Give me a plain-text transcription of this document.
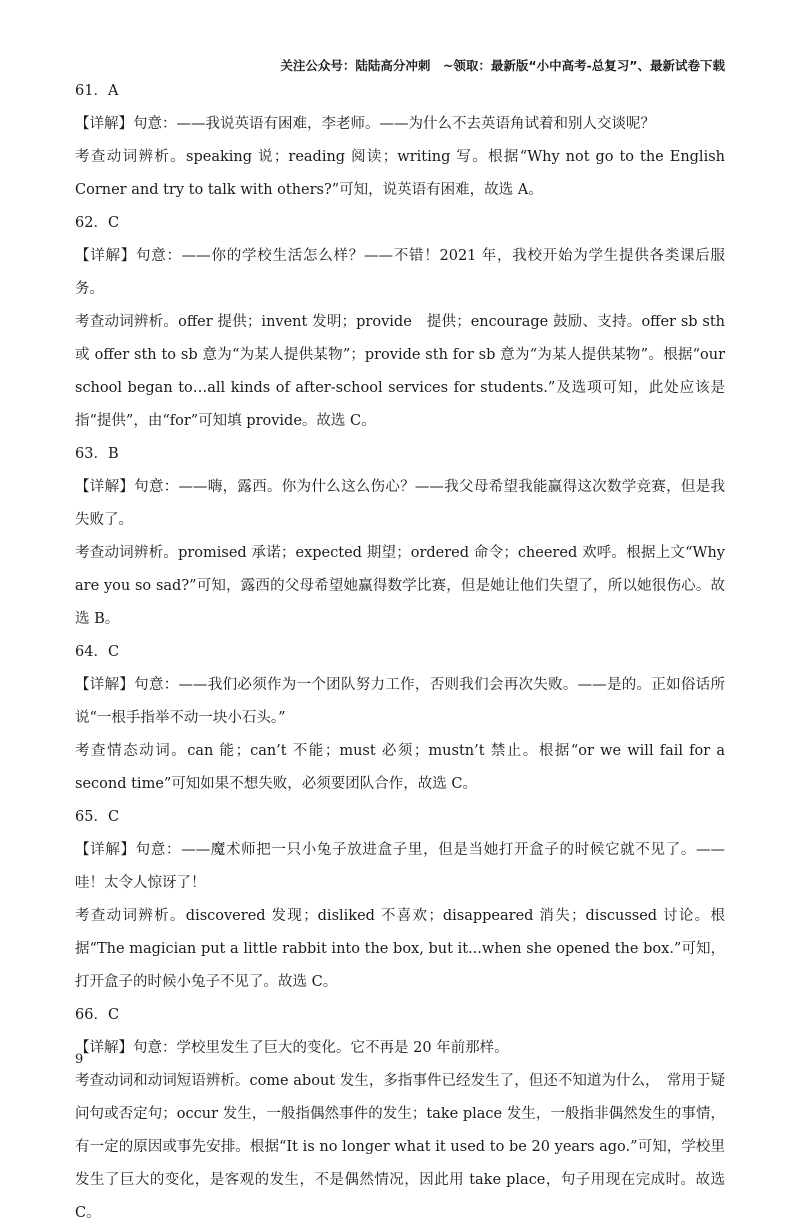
关注公众号：陆陆高分冲刺　~领取：最新版“小中高考-总复习”、最新试卷下载
61．A
【详解】句意：——我说英语有困难，李老师。——为什么不去英语角试着和别人交谈呢？
考查动词辨析。speaking 说；reading 阅读；writing 写。根据“Why not go to the English Corner and try to talk with others?”可知，说英语有困难，故选 A。
62．C
【详解】句意：——你的学校生活怎么样？——不错！2021 年，我校开始为学生提供各类课后服务。
考查动词辨析。offer 提供；invent 发明；provide　提供；encourage 鼓励、支持。offer sb sth 或 offer sth to sb 意为“为某人提供某物”；provide sth for sb 意为“为某人提供某物”。根据“our school began to…all kinds of after-school services for students.”及选项可知，此处应该是指“提供”，由“for”可知填 provide。故选 C。
63．B
【详解】句意：——嗨，露西。你为什么这么伤心？——我父母希望我能赢得这次数学竞赛，但是我失败了。
考查动词辨析。promised 承诺；expected 期望；ordered 命令；cheered 欢呼。根据上文“Why are you so sad?”可知，露西的父母希望她赢得数学比赛，但是她让他们失望了，所以她很伤心。故选 B。
64．C
【详解】句意：——我们必须作为一个团队努力工作，否则我们会再次失败。——是的。正如俗话所说“一根手指举不动一块小石头。”
考查情态动词。can 能；can’t 不能；must 必须；mustn’t 禁止。根据“or we will fail for a second time”可知如果不想失败，必须要团队合作，故选 C。
65．C
【详解】句意：——魔术师把一只小兔子放进盒子里，但是当她打开盒子的时候它就不见了。——哇！太令人惊讶了！
考查动词辨析。discovered 发现；disliked 不喜欢；disappeared 消失；discussed 讨论。根据“The magician put a little rabbit into the box, but it...when she opened the box.”可知，打开盒子的时候小兔子不见了。故选 C。
66．C
【详解】句意：学校里发生了巨大的变化。它不再是 20 年前那样。
考查动词和动词短语辨析。come about 发生，多指事件已经发生了，但还不知道为什么，　常用于疑问句或否定句；occur 发生，一般指偶然事件的发生；take place 发生，一般指非偶然发生的事情，有一定的原因或事先安排。根据“It is no longer what it used to be 20 years ago.”可知，学校里发生了巨大的变化，是客观的发生，不是偶然情况，因此用 take place，句子用现在完成时。故选 C。
9
